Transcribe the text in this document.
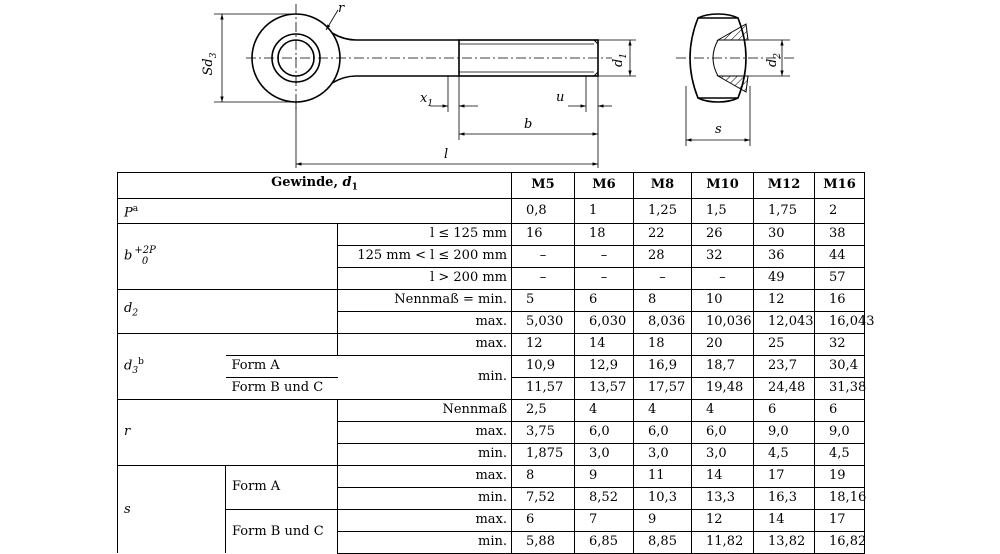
r
$Sd_3$
$d_1$
$x_1$	u
b
l
$d_2$
s
Gewinde, $d_1$			M5	M6	M8	M10	M12	M16
$P^a$			0,8	1	1,25	1,5	1,75	2
b +2P
0		l ≤ 125 mm	16	18	22	26	30	38
		125 mm < l ≤ 200 mm	–	–	28	32	36	44
		l > 200 mm	–	–	–	–	49	57
$d_2$		Nennmaß = min.	5	6	8	10	12	16
		max.	5,030	6,030	8,036	10,036	12,043	16,043
$d_3^b$		max.	12	14	18	20	25	32
	Form A	min.	10,9	12,9	16,9	18,7	23,7	30,4
	Form B und C		11,57	13,57	17,57	19,48	24,48	31,38
r		Nennmaß	2,5	4	4	4	6	6
		max.	3,75	6,0	6,0	6,0	9,0	9,0
		min.	1,875	3,0	3,0	3,0	4,5	4,5
s	Form A	max.	8	9	11	14	17	19
		min.	7,52	8,52	10,3	13,3	16,3	18,16
	Form B und C	max.	6	7	9	12	14	17
		min.	5,88	6,85	8,85	11,82	13,82	16,82
